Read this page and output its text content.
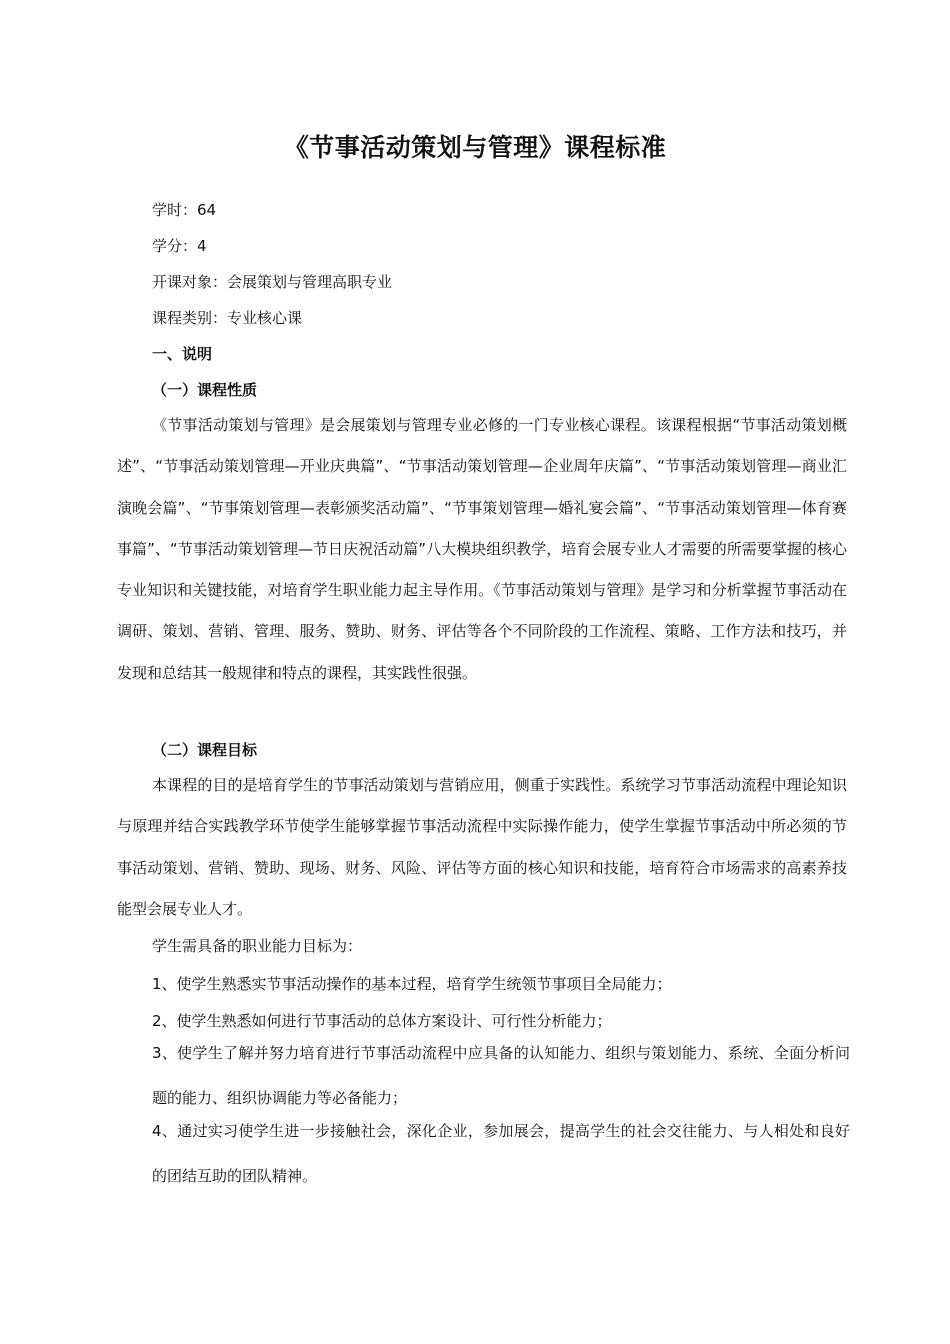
《节事活动策划与管理》课程标准
学时：64
学分：4
开课对象：会展策划与管理高职专业
课程类别：专业核心课
一、说明
（一）课程性质

《节事活动策划与管理》是会展策划与管理专业必修的一门专业核心课程。该课程根据“节事活动策划概述”、“节事活动策划管理—开业庆典篇”、“节事活动策划管理—企业周年庆篇”、“节事活动策划管理—商业汇演晚会篇”、“节事策划管理—表彰颁奖活动篇”、“节事策划管理—婚礼宴会篇”、“节事活动策划管理—体育赛事篇”、“节事活动策划管理—节日庆祝活动篇”八大模块组织教学，培育会展专业人才需要的所需要掌握的核心专业知识和关键技能，对培育学生职业能力起主导作用。《节事活动策划与管理》是学习和分析掌握节事活动在调研、策划、营销、管理、服务、赞助、财务、评估等各个不同阶段的工作流程、策略、工作方法和技巧，并发现和总结其一般规律和特点的课程，其实践性很强。

（二）课程目标

本课程的目的是培育学生的节事活动策划与营销应用，侧重于实践性。系统学习节事活动流程中理论知识与原理并结合实践教学环节使学生能够掌握节事活动流程中实际操作能力，使学生掌握节事活动中所必须的节事活动策划、营销、赞助、现场、财务、风险、评估等方面的核心知识和技能，培育符合市场需求的高素养技能型会展专业人才。

学生需具备的职业能力目标为：
1、使学生熟悉实节事活动操作的基本过程，培育学生统领节事项目全局能力；
2、使学生熟悉如何进行节事活动的总体方案设计、可行性分析能力；

3、使学生了解并努力培育进行节事活动流程中应具备的认知能力、组织与策划能力、系统、全面分析问题的能力、组织协调能力等必备能力；

4、通过实习使学生进一步接触社会，深化企业，参加展会，提高学生的社会交往能力、与人相处和良好的团结互助的团队精神。
